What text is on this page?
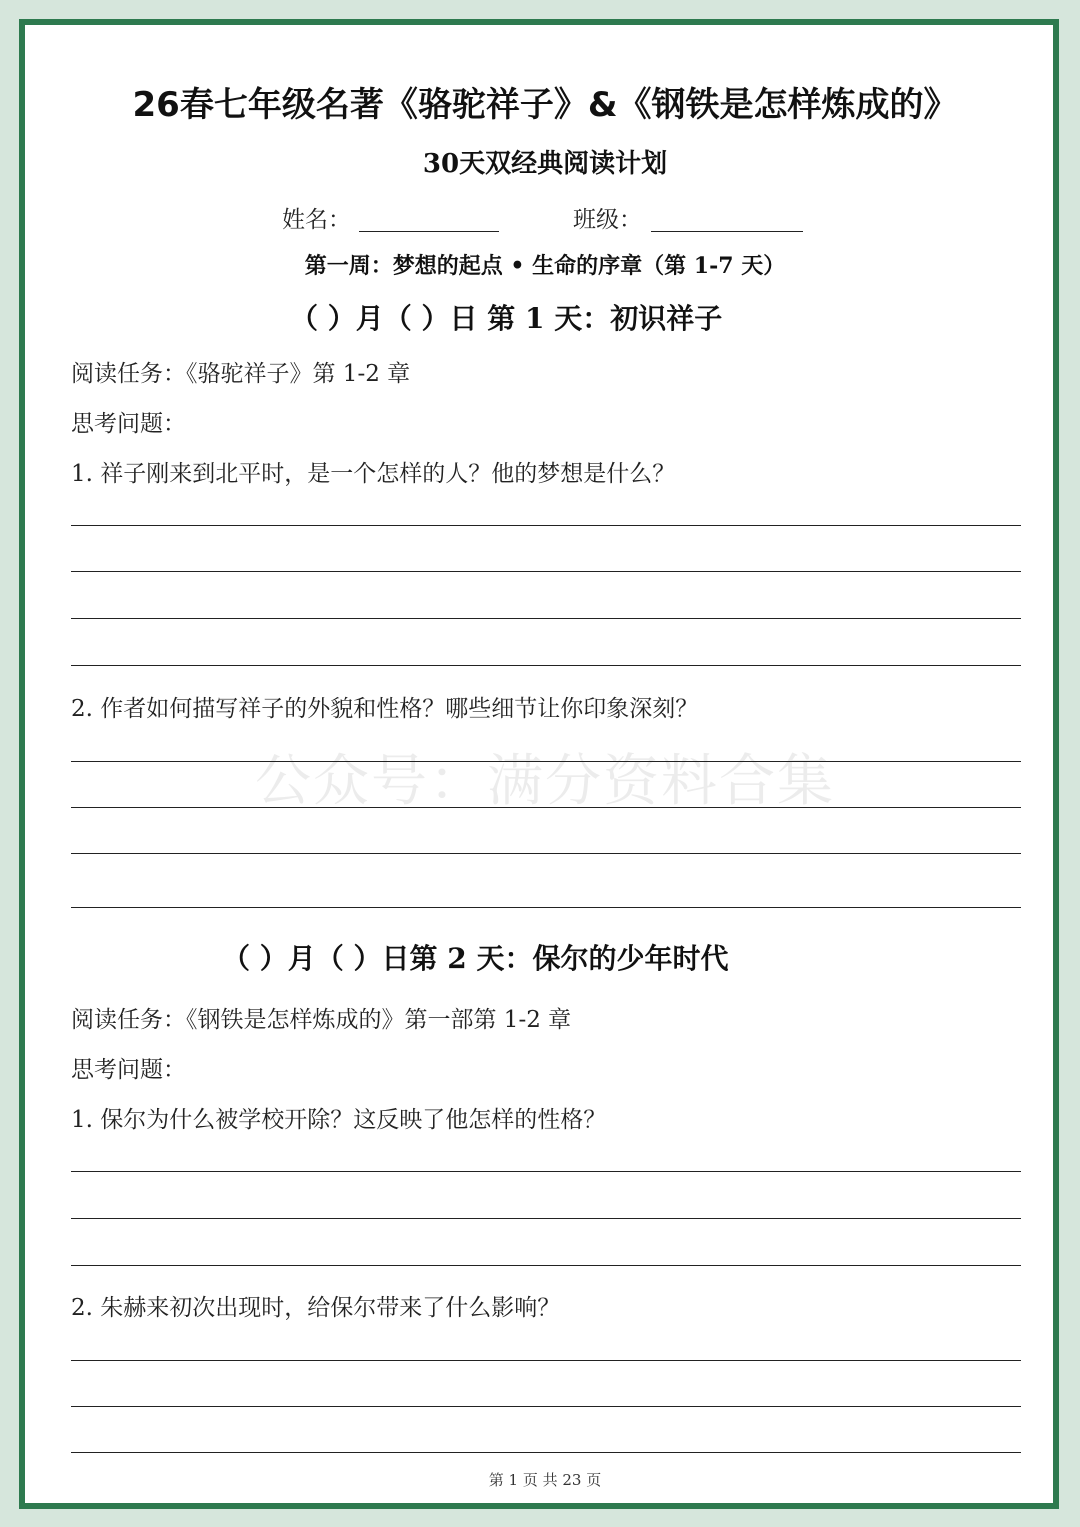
公众号：满分资料合集
26春七年级名著《骆驼祥子》&《钢铁是怎样炼成的》
30天双经典阅读计划
姓名：	班级：
第一周：梦想的起点 • 生命的序章（第 1-7 天）
（ ）月（ ）日 第 1 天：初识祥子
阅读任务：《骆驼祥子》第 1-2 章
思考问题：
1. 祥子刚来到北平时，是一个怎样的人？他的梦想是什么？
2. 作者如何描写祥子的外貌和性格？哪些细节让你印象深刻？
（ ）月（ ）日第 2 天：保尔的少年时代
阅读任务：《钢铁是怎样炼成的》第一部第 1-2 章
思考问题：
1. 保尔为什么被学校开除？这反映了他怎样的性格？
2. 朱赫来初次出现时，给保尔带来了什么影响？
第 1 页 共 23 页
